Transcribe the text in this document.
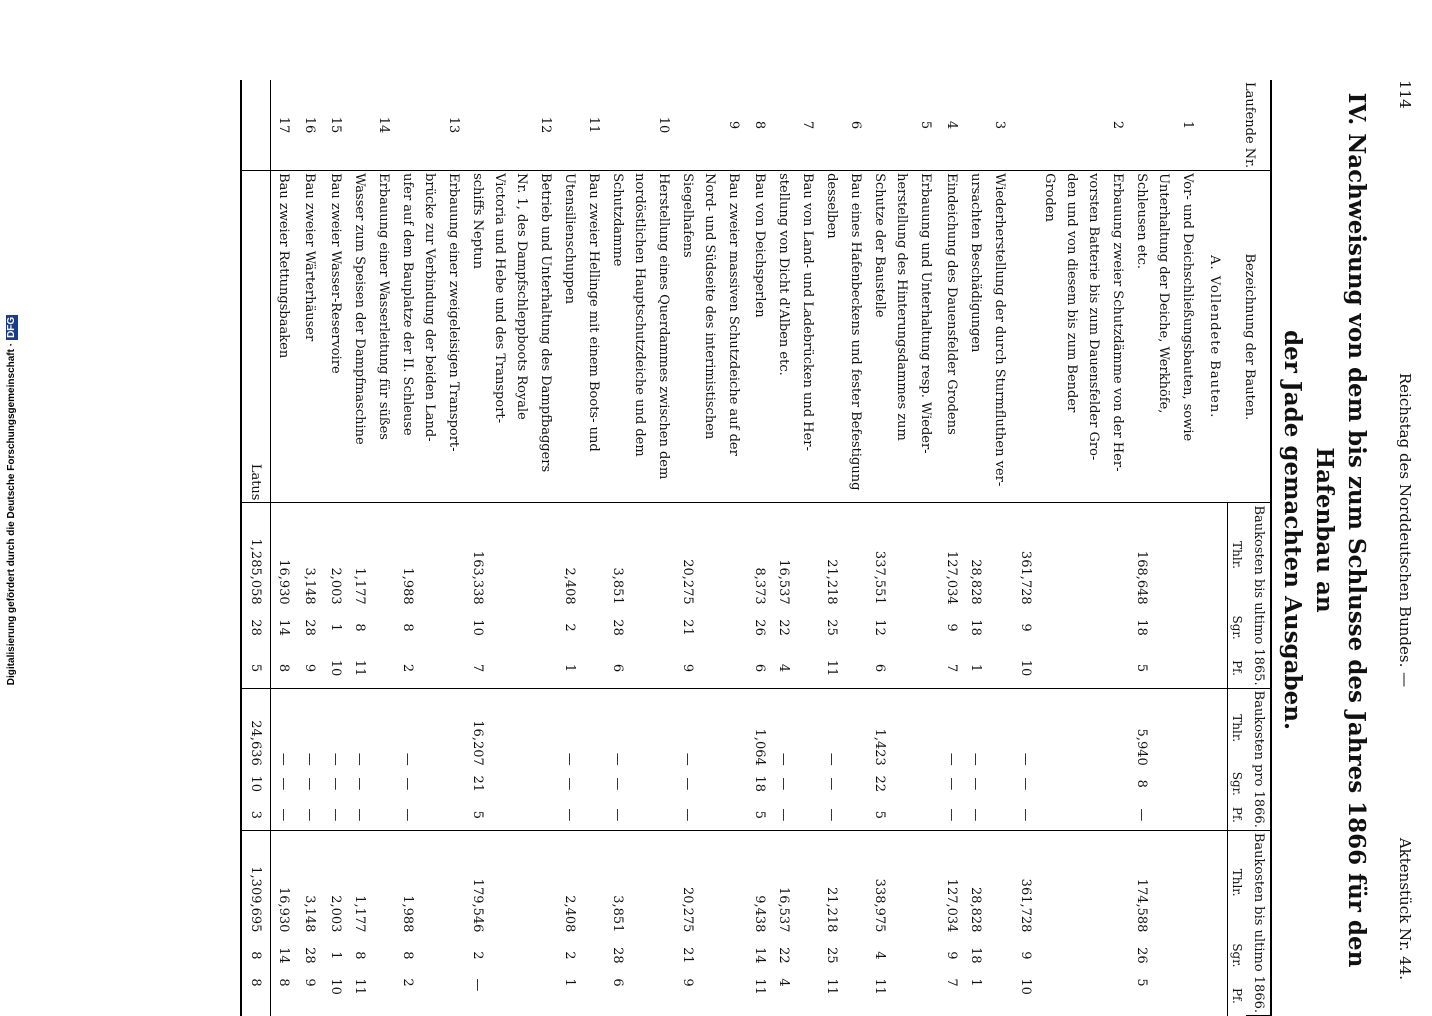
Digitalisierung gefördert durch die Deutsche Forschungsgemeinschaft ·DFG
114
Reichstag des Norddeutschen Bundes. —
Aktenstück Nr. 44.
IV. Nachweisung von dem bis zum Schlusse des Jahres 1866 für den Hafenbau an
der Jade gemachten Ausgaben.
Laufende Nr.	Bezeichnung der Bauten.	Baukosten bis ultimo 1865.			Baukosten pro 1866.			Baukosten bis ultimo 1866.		
		Thlr.	Sgr.	Pf.	Thlr.	Sgr.	Pf.	Thlr.	Sgr.	Pf.
	A. Vollendete Bauten.									
1	Vor- und Deichschließungsbauten, sowie									
	Unterhaltung der Deiche, Werkhöfe,									
	Schleusen etc.	168,648	18	5	5,940	8	—	174,588	26	5
2	Erbauung zweier Schutzdämme von der Her-									
	vorsten Batterie bis zum Dauensfelder Gro-									
	den und von diesem bis zum Bender									
	Groden									
		361,728	9	10	—	—	—	361,728	9	10
3	Wiederherstellung der durch Sturmfluthen ver-									
	ursachten Beschädigungen	28,828	18	1	—	—	—	28,828	18	1
4	Eindeichung des Dauensfelder Grodens	127,034	9	7	—	—	—	127,034	9	7
5	Erbauung und Unterhaltung resp. Wieder-									
	herstellung des Hinterungsdammes zum									
	Schutze der Baustelle	337,551	12	6	1,423	22	5	338,975	4	11
6	Bau eines Hafenbeckens und fester Befestigung									
	desselben	21,218	25	11	—	—	—	21,218	25	11
7	Bau von Land- und Ladebrücken und Her-									
	stellung von Dicht d'Alben etc.	16,537	22	4	—	—	—	16,537	22	4
8	Bau von Deichsperlen	8,373	26	6	1,064	18	5	9,438	14	11
9	Bau zweier massiven Schutzdeiche auf der									
	Nord- und Südseite des interimistischen									
	Siegelhafens	20,275	21	9	—	—	—	20,275	21	9
10	Herstellung eines Querdammes zwischen dem									
	nordöstlichen Hauptschutzdeiche und dem									
	Schutzdamme	3,851	28	6	—	—	—	3,851	28	6
11	Bau zweier Hellinge mit einem Boots- und									
	Utensilienschuppen	2,408	2	1	—	—	—	2,408	2	1
12	Betrieb und Unterhaltung des Dampfbaggers									
	Nr. 1, des Dampfschleppboots Royale									
	Victoria und Hebe und des Transport-									
	schiffs Neptun	163,338	10	7	16,207	21	5	179,546	2	—
13	Erbauung einer zweigeleisigen Transport-									
	brücke zur Verbindung der beiden Land-									
	ufer auf dem Bauplatze der II. Schleuse	1,988	8	2	—	—	—	1,988	8	2
14	Erbauung einer Wasserleitung für süßes									
	Wasser zum Speisen der Dampfmaschine	1,177	8	11	—	—	—	1,177	8	11
15	Bau zweier Wasser-Reservoire	2,003	1	10	—	—	—	2,003	1	10
16	Bau zweier Wärterhäuser	3,148	28	9	—	—	—	3,148	28	9
17	Bau zweier Rettungsbaaken	16,930	14	8	—	—	—	16,930	14	8
	Latus	1,285,058	28	5	24,636	10	3	1,309,695	8	8
